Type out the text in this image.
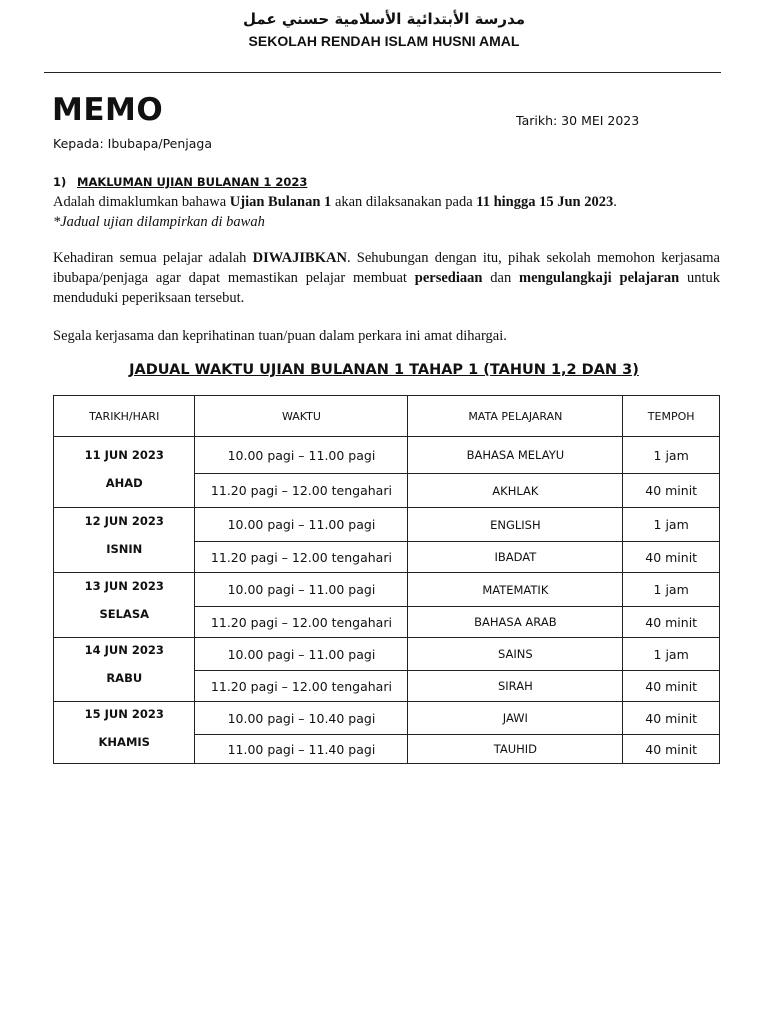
مدرسة الأبتدائية الأسلامية حسني عمل
SEKOLAH RENDAH ISLAM HUSNI AMAL
MEMO	Tarikh: 30 MEI 2023
Kepada: Ibubapa/Penjaga
1) MAKLUMAN UJIAN BULANAN 1 2023
Adalah dimaklumkan bahawa Ujian Bulanan 1 akan dilaksanakan pada 11 hingga 15 Jun 2023.
*Jadual ujian dilampirkan di bawah
Kehadiran semua pelajar adalah DIWAJIBKAN. Sehubungan dengan itu, pihak sekolah memohon kerjasama ibubapa/penjaga agar dapat memastikan pelajar membuat persediaan dan mengulangkaji pelajaran untuk menduduki peperiksaan tersebut.
Segala kerjasama dan keprihatinan tuan/puan dalam perkara ini amat dihargai.
JADUAL WAKTU UJIAN BULANAN 1 TAHAP 1 (TAHUN 1,2 DAN 3)
TARIKH/HARI	WAKTU	MATA PELAJARAN	TEMPOH

11 JUN 2023
AHAD	10.00 pagi – 11.00 pagi	BAHASA MELAYU	1 jam
	11.20 pagi – 12.00 tengahari	AKHLAK	40 minit

12 JUN 2023
ISNIN	10.00 pagi – 11.00 pagi	ENGLISH	1 jam
	11.20 pagi – 12.00 tengahari	IBADAT	40 minit

13 JUN 2023
SELASA	10.00 pagi – 11.00 pagi	MATEMATIK	1 jam
	11.20 pagi – 12.00 tengahari	BAHASA ARAB	40 minit

14 JUN 2023
RABU	10.00 pagi – 11.00 pagi	SAINS	1 jam
	11.20 pagi – 12.00 tengahari	SIRAH	40 minit

15 JUN 2023
KHAMIS	10.00 pagi – 10.40 pagi	JAWI	40 minit
	11.00 pagi – 11.40 pagi	TAUHID	40 minit
